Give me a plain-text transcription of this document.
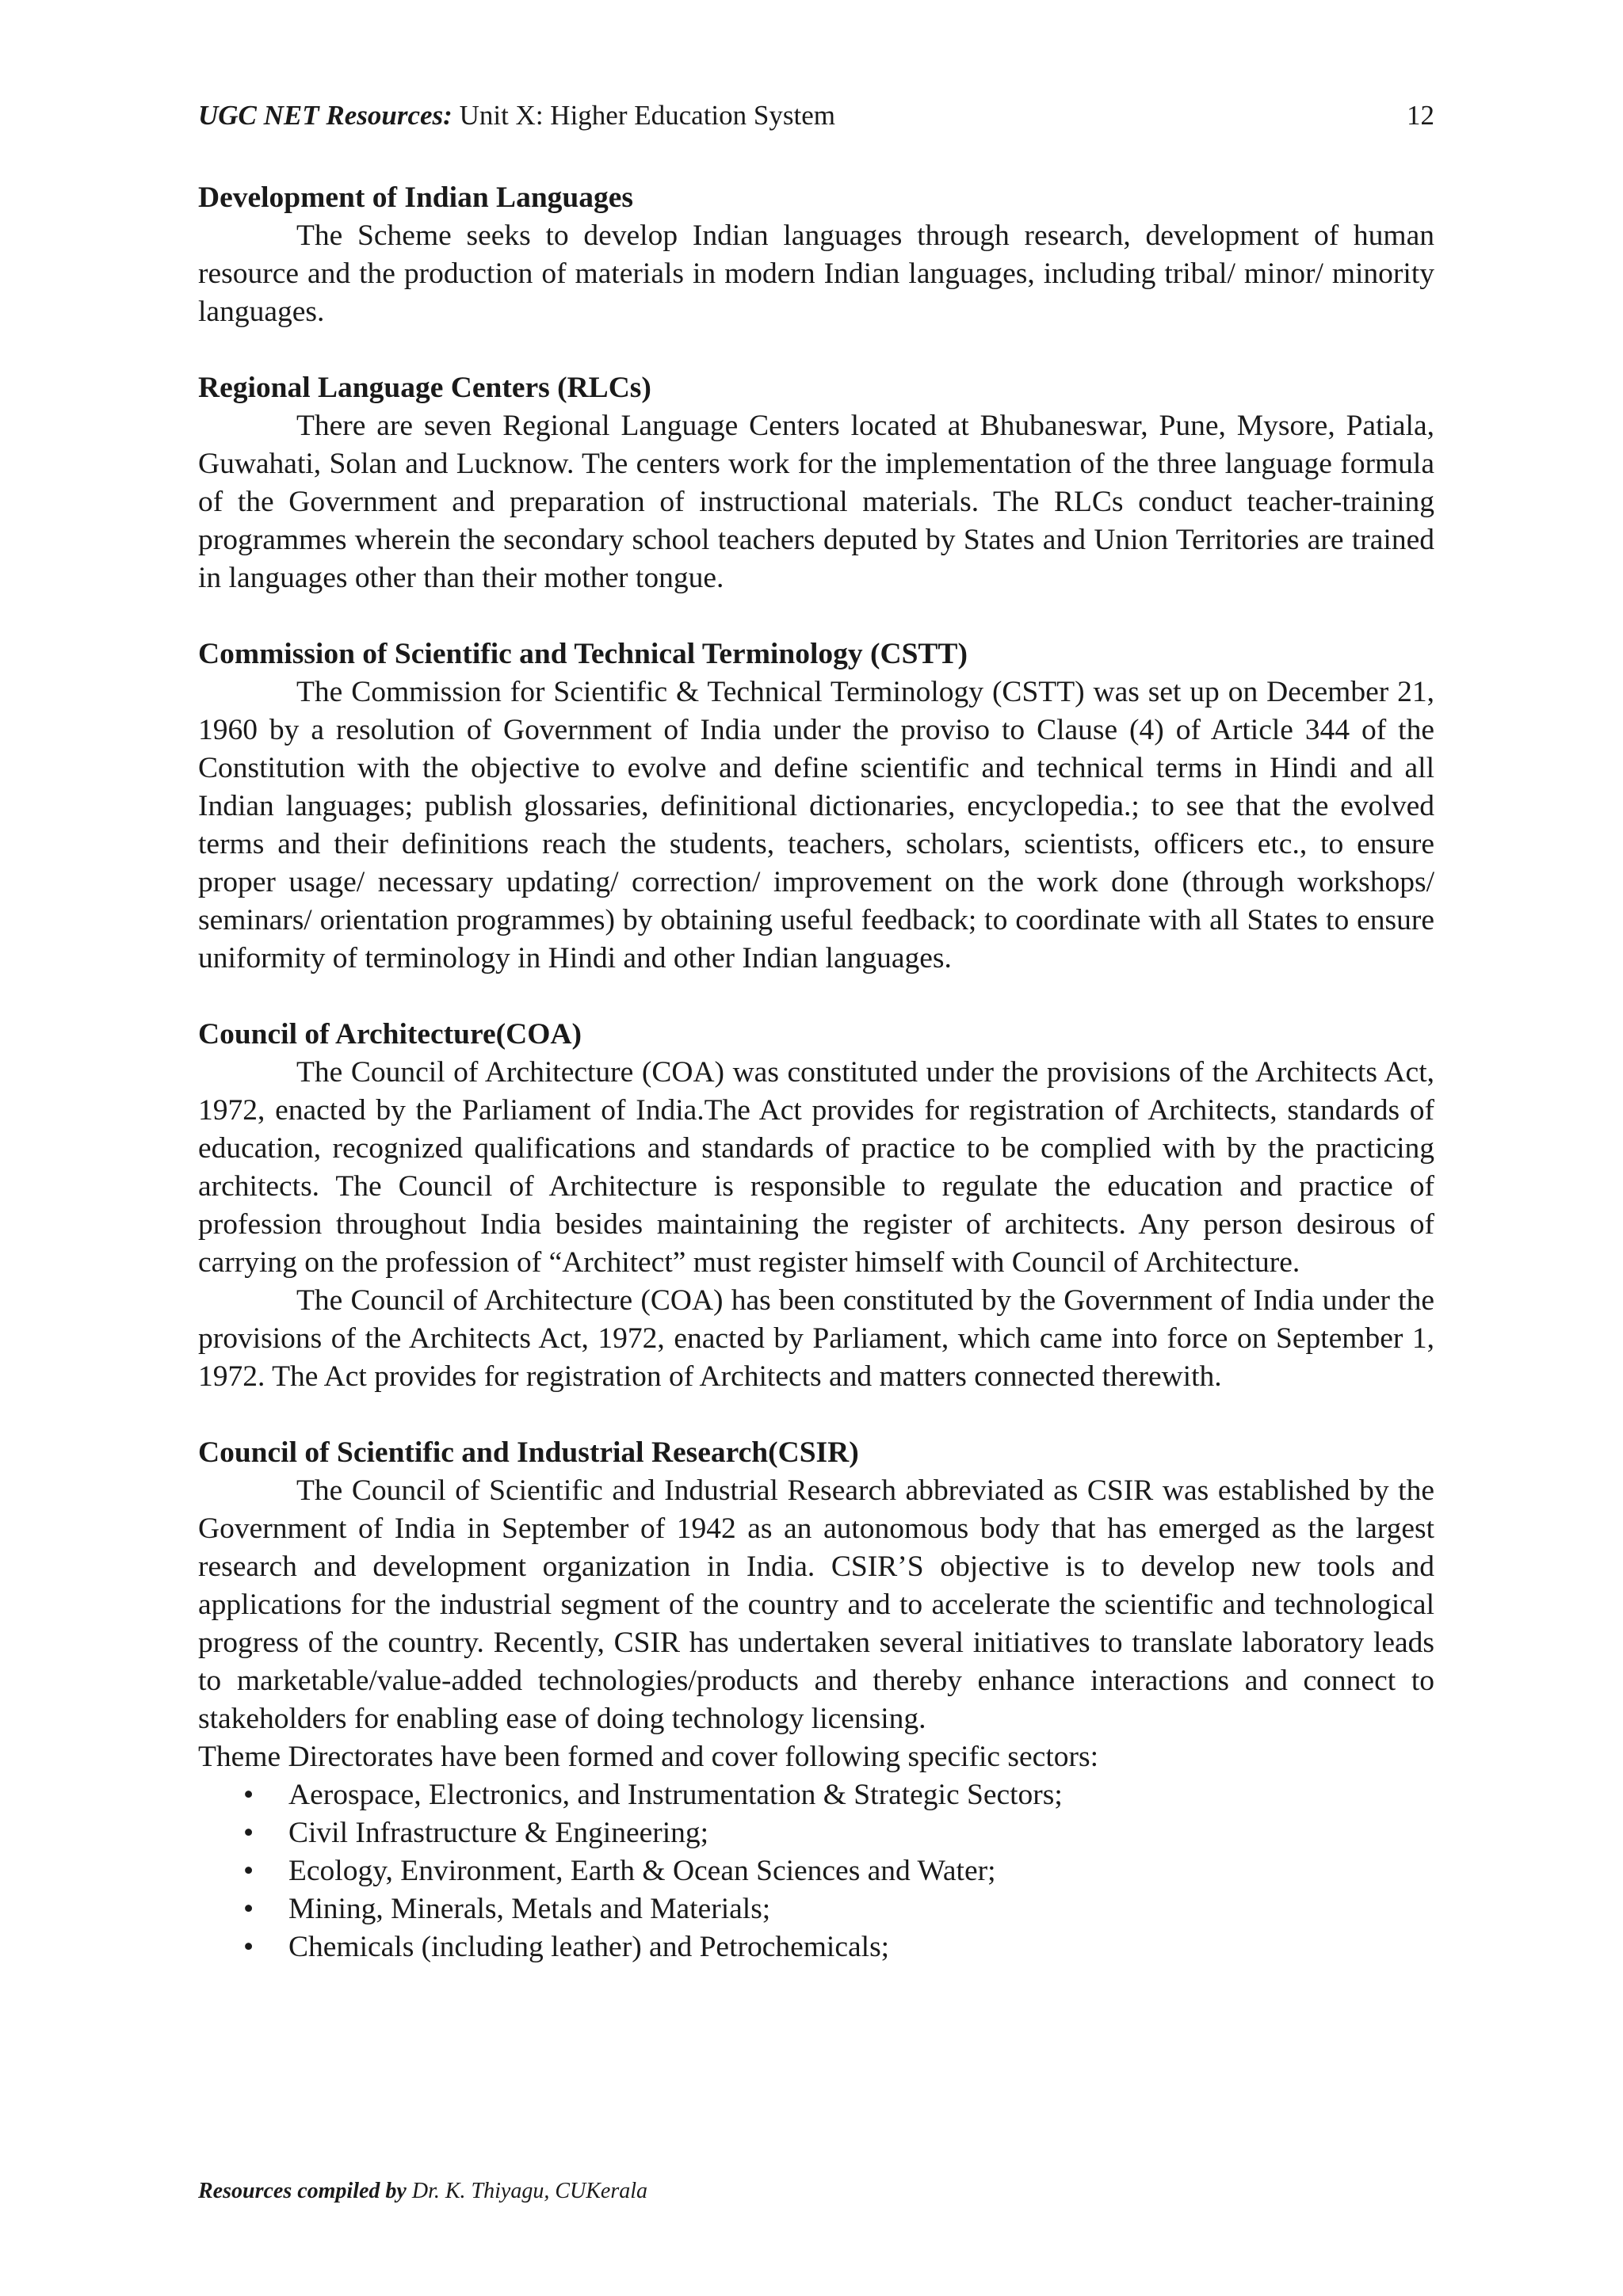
UGC NET Resources: Unit X: Higher Education System	12
Development of Indian Languages

The Scheme seeks to develop Indian languages through research, development of human resource and the production of materials in modern Indian languages, including tribal/ minor/ minority languages.

Regional Language Centers (RLCs)

There are seven Regional Language Centers located at Bhubaneswar, Pune, Mysore, Patiala, Guwahati, Solan and Lucknow. The centers work for the implementation of the three language formula of the Government and preparation of instructional materials. The RLCs conduct teacher-training programmes wherein the secondary school teachers deputed by States and Union Territories are trained in languages other than their mother tongue.

Commission of Scientific and Technical Terminology (CSTT)

The Commission for Scientific & Technical Terminology (CSTT) was set up on December 21, 1960 by a resolution of Government of India under the proviso to Clause (4) of Article 344 of the Constitution with the objective to evolve and define scientific and technical terms in Hindi and all Indian languages; publish glossaries, definitional dictionaries, encyclopedia.; to see that the evolved terms and their definitions reach the students, teachers, scholars, scientists, officers etc., to ensure proper usage/ necessary updating/ correction/ improvement on the work done (through workshops/ seminars/ orientation programmes) by obtaining useful feedback; to coordinate with all States to ensure uniformity of terminology in Hindi and other Indian languages.

Council of Architecture(COA)

The Council of Architecture (COA) was constituted under the provisions of the Architects Act, 1972, enacted by the Parliament of India.The Act provides for registration of Architects, standards of education, recognized qualifications and standards of practice to be complied with by the practicing architects. The Council of Architecture is responsible to regulate the education and practice of profession throughout India besides maintaining the register of architects. Any person desirous of carrying on the profession of “Architect” must register himself with Council of Architecture.

The Council of Architecture (COA) has been constituted by the Government of India under the provisions of the Architects Act, 1972, enacted by Parliament, which came into force on September 1, 1972. The Act provides for registration of Architects and matters connected therewith.

Council of Scientific and Industrial Research(CSIR)

The Council of Scientific and Industrial Research abbreviated as CSIR was established by the Government of India in September of 1942 as an autonomous body that has emerged as the largest research and development organization in India. CSIR’S objective is to develop new tools and applications for the industrial segment of the country and to accelerate the scientific and technological progress of the country. Recently, CSIR has undertaken several initiatives to translate laboratory leads to marketable/value-added technologies/products and thereby enhance interactions and connect to stakeholders for enabling ease of doing technology licensing.

Theme Directorates have been formed and cover following specific sectors:

• Aerospace, Electronics, and Instrumentation & Strategic Sectors;
• Civil Infrastructure & Engineering;
• Ecology, Environment, Earth & Ocean Sciences and Water;
• Mining, Minerals, Metals and Materials;
• Chemicals (including leather) and Petrochemicals;
Resources compiled by Dr. K. Thiyagu, CUKerala
